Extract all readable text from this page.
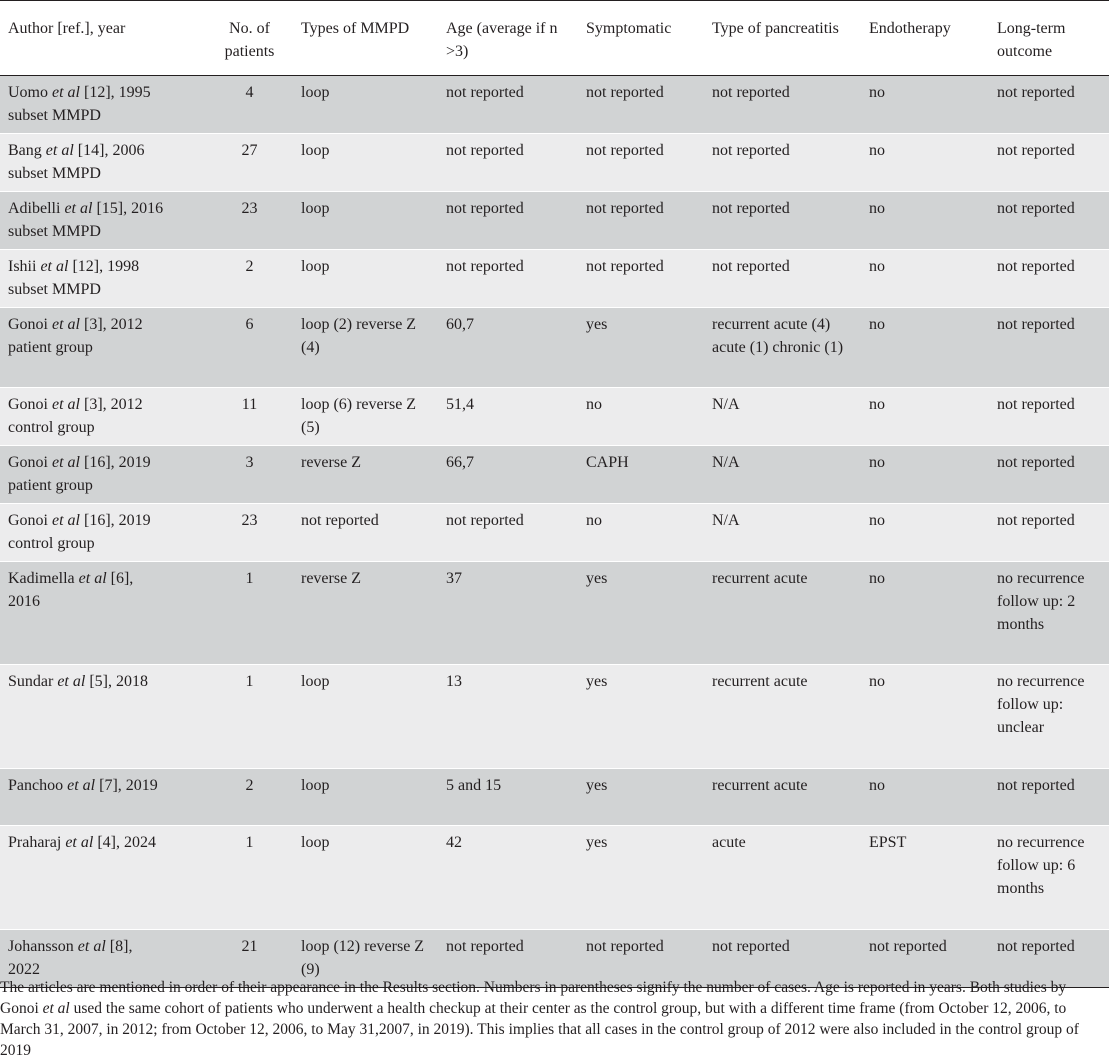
Author [ref.], year	No. of patients	Types of MMPD	Age (average if n >3)	Symptomatic	Type of pancreatitis	Endotherapy	Long-term outcome
Uomo et al [12], 1995
subset MMPD	4	loop	not reported	not reported	not reported	no	not reported
Bang et al [14], 2006
subset MMPD	27	loop	not reported	not reported	not reported	no	not reported
Adibelli et al [15], 2016
subset MMPD	23	loop	not reported	not reported	not reported	no	not reported
Ishii et al [12], 1998
subset MMPD	2	loop	not reported	not reported	not reported	no	not reported
Gonoi et al [3], 2012
patient group	6	loop (2) reverse Z (4)	60,7	yes	recurrent acute (4) acute (1) chronic (1)	no	not reported
Gonoi et al [3], 2012
control group	11	loop (6) reverse Z (5)	51,4	no	N/A	no	not reported
Gonoi et al [16], 2019
patient group	3	reverse Z	66,7	CAPH	N/A	no	not reported
Gonoi et al [16], 2019
control group	23	not reported	not reported	no	N/A	no	not reported
Kadimella et al [6],
2016	1	reverse Z	37	yes	recurrent acute	no	no recurrence follow up: 2 months
Sundar et al [5], 2018	1	loop	13	yes	recurrent acute	no	no recurrence follow up: unclear
Panchoo et al [7], 2019	2	loop	5 and 15	yes	recurrent acute	no	not reported
Praharaj et al [4], 2024	1	loop	42	yes	acute	EPST	no recurrence follow up: 6 months
Johansson et al [8],
2022	21	loop (12) reverse Z (9)	not reported	not reported	not reported	not reported	not reported

The articles are mentioned in order of their appearance in the Results section. Numbers in parentheses signify the number of cases. Age is reported in years. Both studies by Gonoi et al used the same cohort of patients who underwent a health checkup at their center as the control group, but with a different time frame (from October 12, 2006, to March 31, 2007, in 2012; from October 12, 2006, to May 31,2007, in 2019). This implies that all cases in the control group of 2012 were also included in the control group of 2019
